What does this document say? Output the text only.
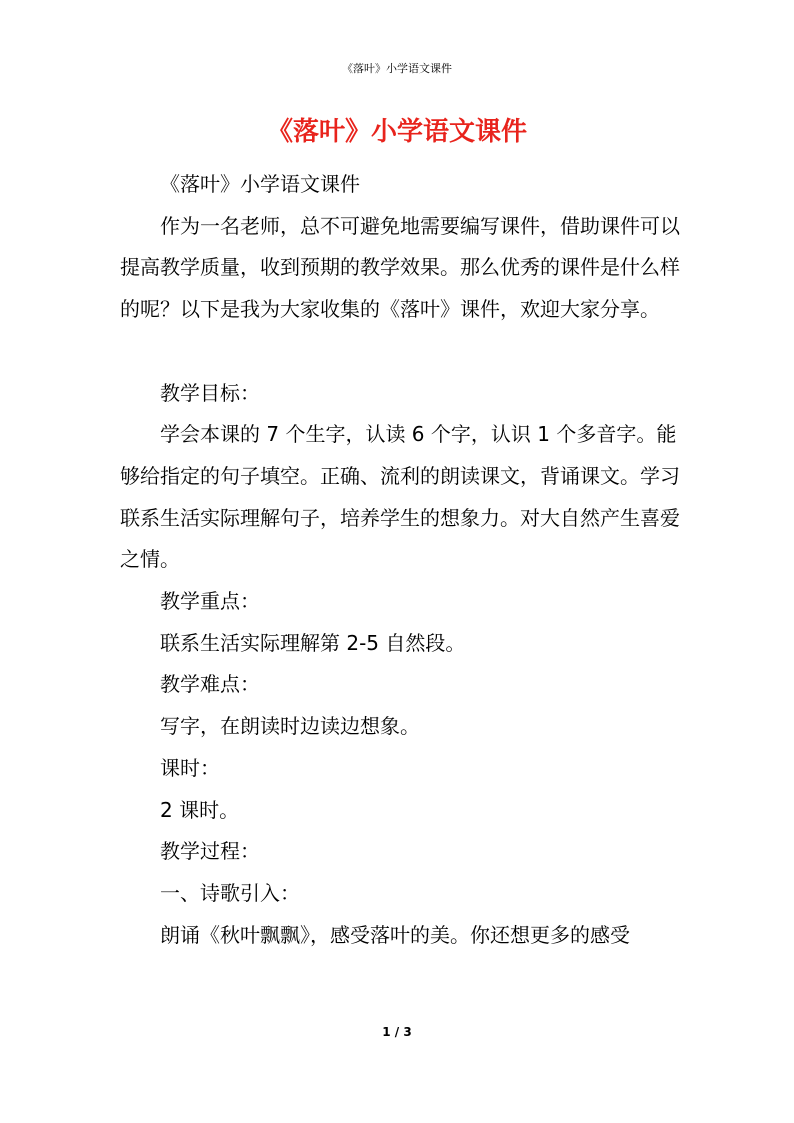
《落叶》小学语文课件
《落叶》小学语文课件

《落叶》小学语文课件

作为一名老师，总不可避免地需要编写课件，借助课件可以提高教学质量，收到预期的教学效果。那么优秀的课件是什么样的呢？以下是我为大家收集的《落叶》课件，欢迎大家分享。

教学目标：

学会本课的 7 个生字，认读 6 个字，认识 1 个多音字。能够给指定的句子填空。正确、流利的朗读课文，背诵课文。学习联系生活实际理解句子，培养学生的想象力。对大自然产生喜爱之情。

教学重点：

联系生活实际理解第 2-5 自然段。

教学难点：

写字，在朗读时边读边想象。

课时：

2 课时。

教学过程：

一、诗歌引入：

朗诵《秋叶飘飘》，感受落叶的美。你还想更多的感受

1 / 3
